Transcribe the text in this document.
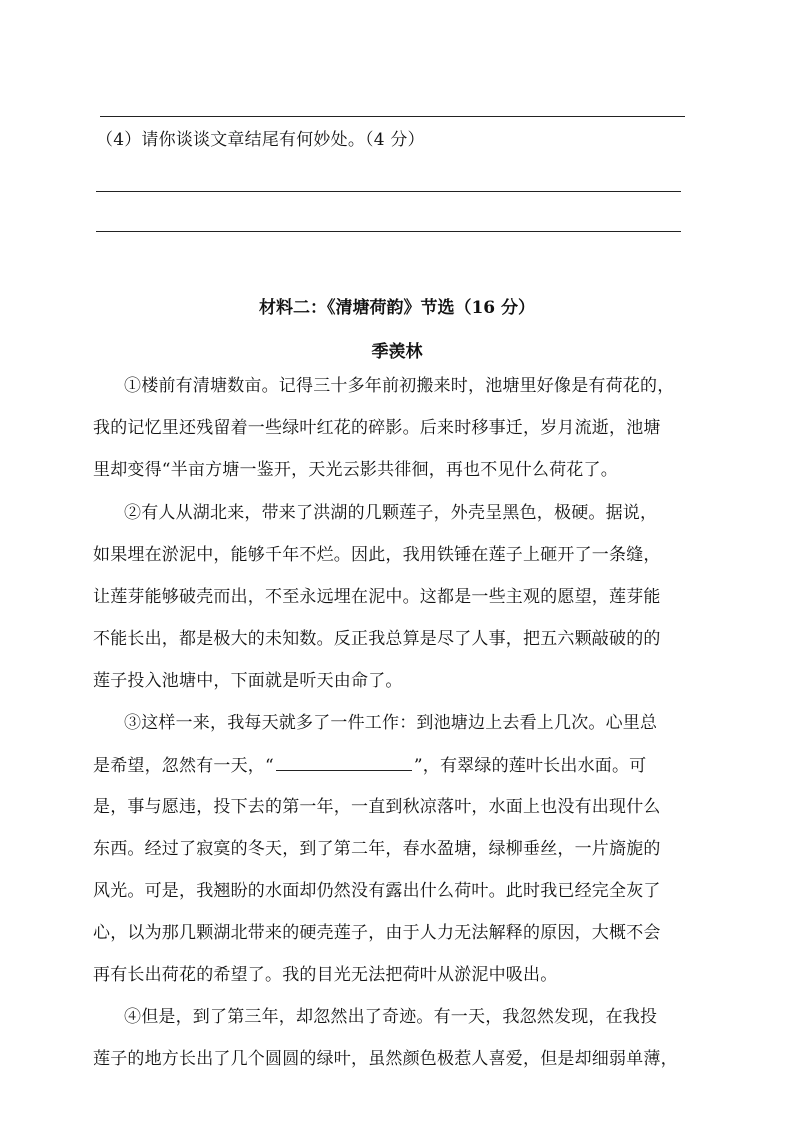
（4）请你谈谈文章结尾有何妙处。（4 分）
材料二：《清塘荷韵》节选（16 分）
季羡林
①楼前有清塘数亩。记得三十多年前初搬来时，池塘里好像是有荷花的，
我的记忆里还残留着一些绿叶红花的碎影。后来时移事迁，岁月流逝，池塘
里却变得“半亩方塘一鉴开，天光云影共徘徊，再也不见什么荷花了。
②有人从湖北来，带来了洪湖的几颗莲子，外壳呈黑色，极硬。据说，
如果埋在淤泥中，能够千年不烂。因此，我用铁锤在莲子上砸开了一条缝，
让莲芽能够破壳而出，不至永远埋在泥中。这都是一些主观的愿望，莲芽能
不能长出，都是极大的未知数。反正我总算是尽了人事，把五六颗敲破的的
莲子投入池塘中，下面就是听天由命了。
③这样一来，我每天就多了一件工作：到池塘边上去看上几次。心里总
是希望，忽然有一天，“	”，有翠绿的莲叶长出水面。可
是，事与愿违，投下去的第一年，一直到秋凉落叶，水面上也没有出现什么
东西。经过了寂寞的冬天，到了第二年，春水盈塘，绿柳垂丝，一片旖旎的
风光。可是，我翘盼的水面却仍然没有露出什么荷叶。此时我已经完全灰了
心，以为那几颗湖北带来的硬壳莲子，由于人力无法解释的原因，大概不会
再有长出荷花的希望了。我的目光无法把荷叶从淤泥中吸出。
④但是，到了第三年，却忽然出了奇迹。有一天，我忽然发现，在我投
莲子的地方长出了几个圆圆的绿叶，虽然颜色极惹人喜爱，但是却细弱单薄，
